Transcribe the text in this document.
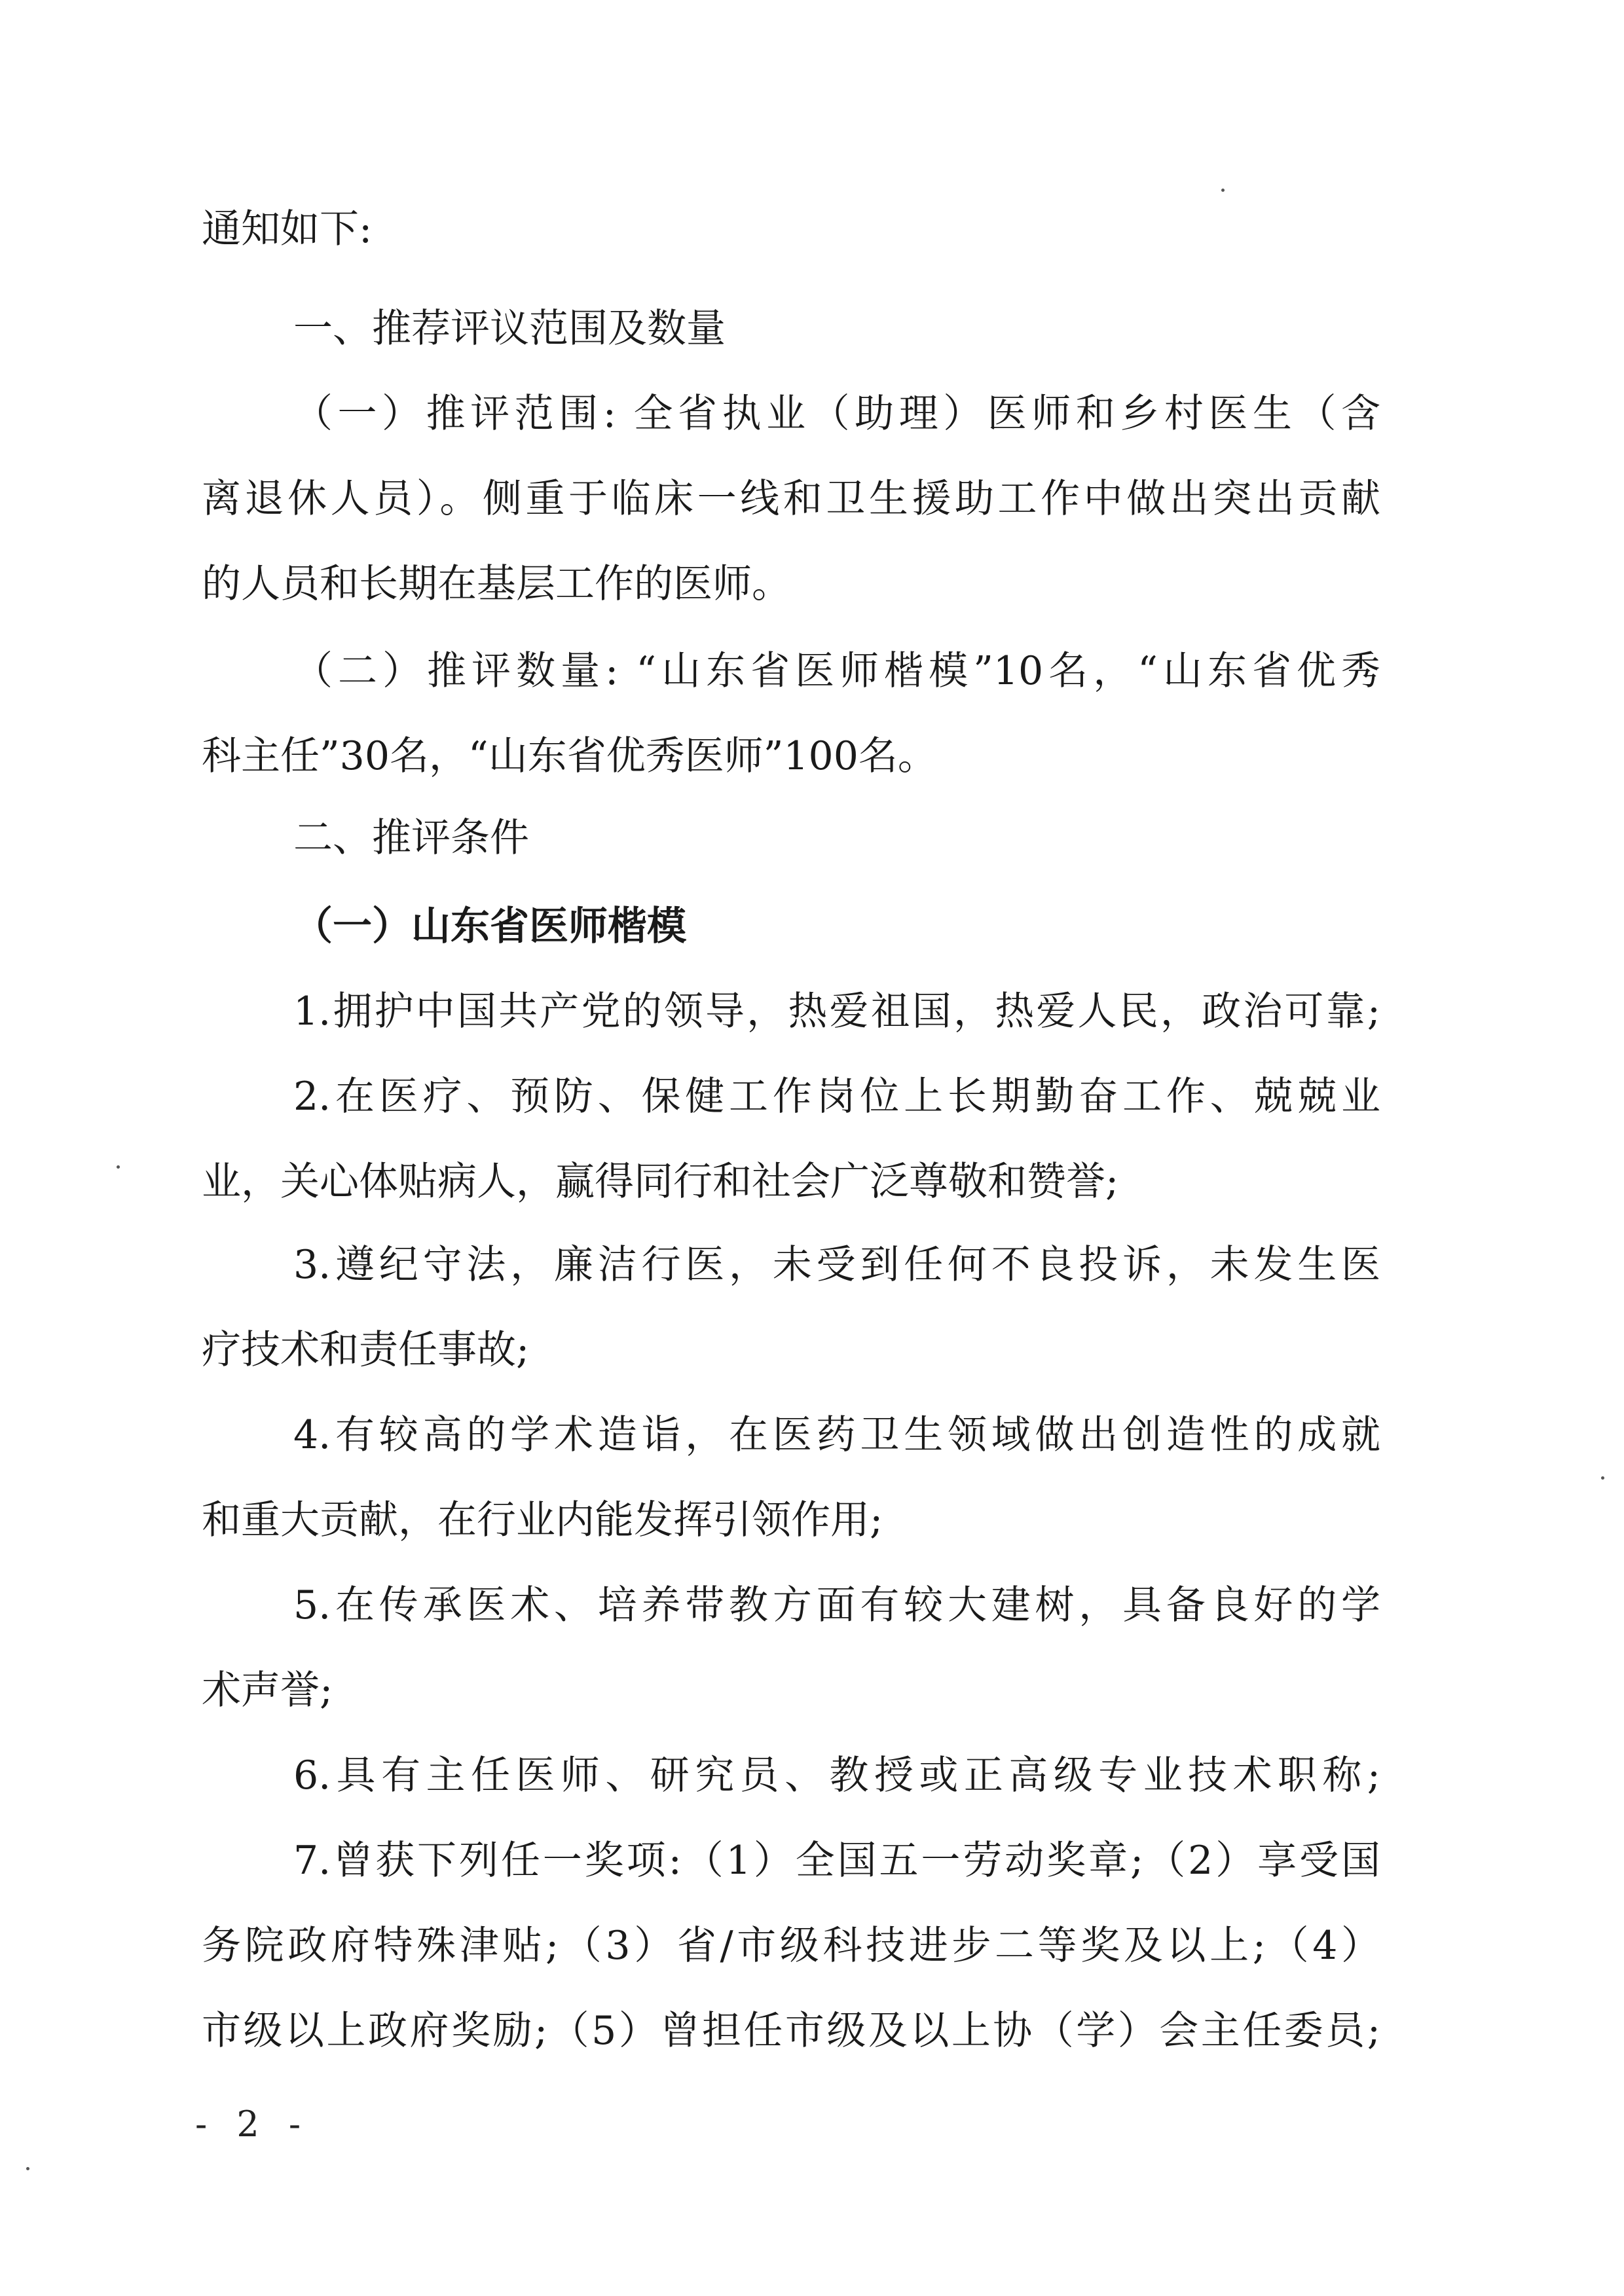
通知如下:
一、推荐评议范围及数量
（一）推评范围: 全省执业（助理）医师和乡村医生（含
离退休人员）。侧重于临床一线和卫生援助工作中做出突出贡献
的人员和长期在基层工作的医师。
（二）推评数量: “山东省医师楷模”10名，“山东省优秀
科主任”30名，“山东省优秀医师”100名。
二、推评条件
（一）山东省医师楷模
1.拥护中国共产党的领导，热爱祖国，热爱人民，政治可靠;
2.在医疗、预防、保健工作岗位上长期勤奋工作、兢兢业
业，关心体贴病人，赢得同行和社会广泛尊敬和赞誉;
3.遵纪守法，廉洁行医，未受到任何不良投诉，未发生医
疗技术和责任事故;
4.有较高的学术造诣，在医药卫生领域做出创造性的成就
和重大贡献，在行业内能发挥引领作用;
5.在传承医术、培养带教方面有较大建树，具备良好的学
术声誉;
6.具有主任医师、研究员、教授或正高级专业技术职称;
7.曾获下列任一奖项:（1）全国五一劳动奖章;（2）享受国
务院政府特殊津贴;（3）省/市级科技进步二等奖及以上;（4）
市级以上政府奖励;（5）曾担任市级及以上协（学）会主任委员;
- 2 -
